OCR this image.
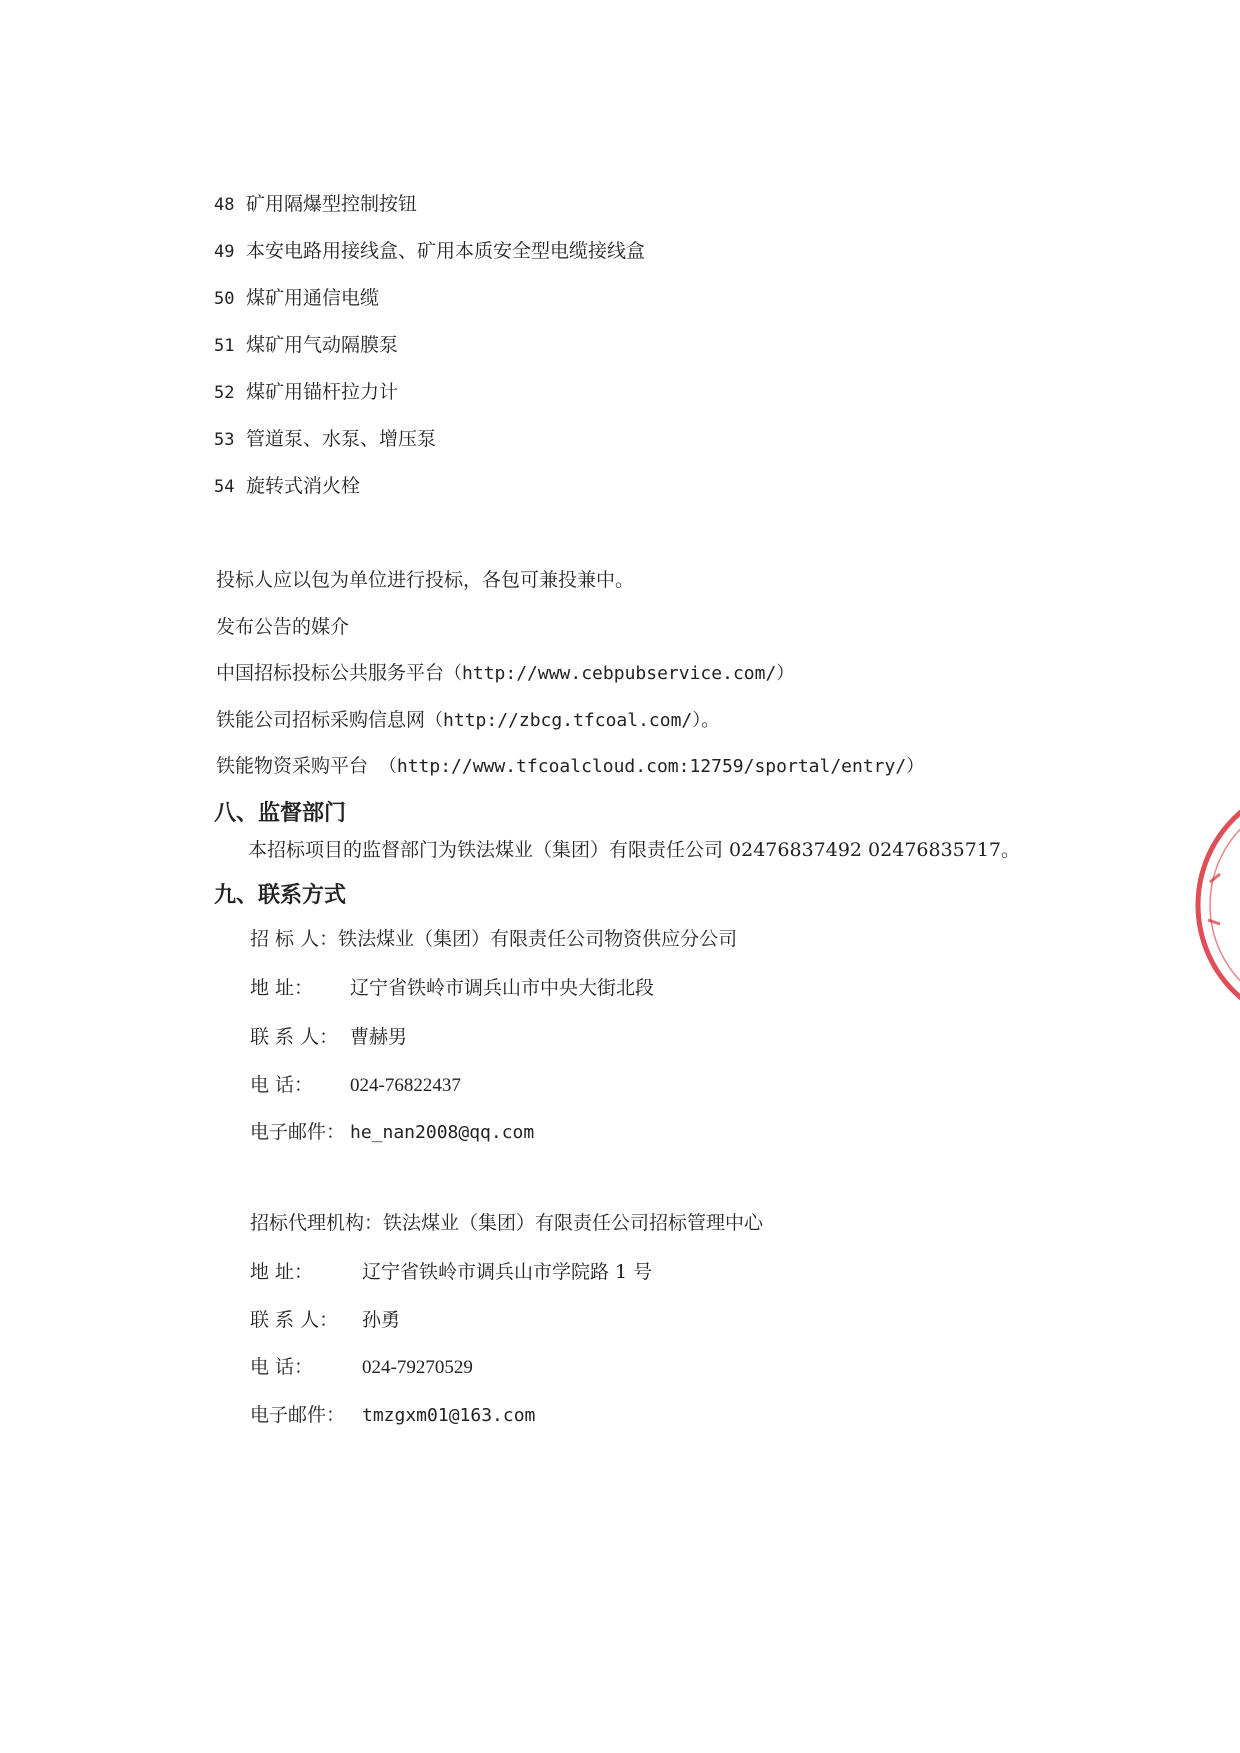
48 矿用隔爆型控制按钮
49 本安电路用接线盒、矿用本质安全型电缆接线盒
50 煤矿用通信电缆
51 煤矿用气动隔膜泵
52 煤矿用锚杆拉力计
53 管道泵、水泵、增压泵
54 旋转式消火栓
投标人应以包为单位进行投标，各包可兼投兼中。
发布公告的媒介
中国招标投标公共服务平台（http://www.cebpubservice.com/）
铁能公司招标采购信息网（http://zbcg.tfcoal.com/）。
铁能物资采购平台 （http://www.tfcoalcloud.com:12759/sportal/entry/）
八、监督部门
本招标项目的监督部门为铁法煤业（集团）有限责任公司 02476837492 02476835717。
九、联系方式
招 标 人：铁法煤业（集团）有限责任公司物资供应分公司
地 址： 辽宁省铁岭市调兵山市中央大街北段
联 系 人： 曹赫男
电 话： 024-76822437
电子邮件： he_nan2008@qq.com
招标代理机构：铁法煤业（集团）有限责任公司招标管理中心
地 址：	辽宁省铁岭市调兵山市学院路 1 号
联 系 人： 孙勇
电 话：	024-79270529
电子邮件： tmzgxm01@163.com
